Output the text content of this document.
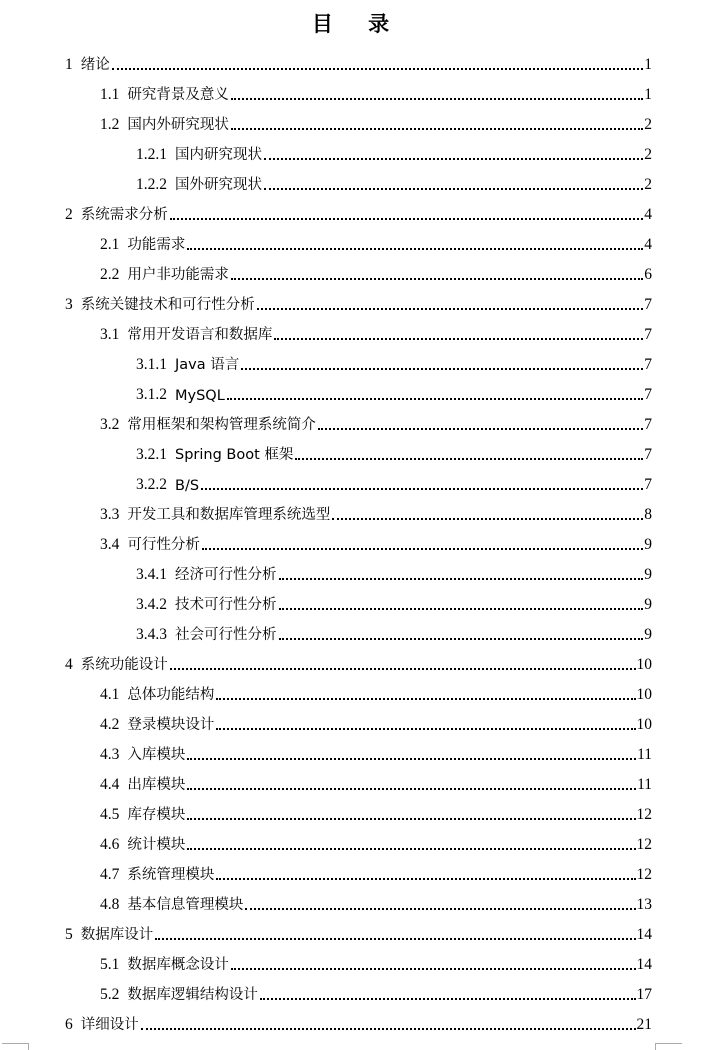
目 录
1 绪论	1
1.1 研究背景及意义	1
1.2 国内外研究现状	2
1.2.1 国内研究现状	2
1.2.2 国外研究现状	2
2 系统需求分析	4
2.1 功能需求	4
2.2 用户非功能需求	6
3 系统关键技术和可行性分析	7
3.1 常用开发语言和数据库	7
3.1.1 Java 语言	7
3.1.2 MySQL	7
3.2 常用框架和架构管理系统简介	7
3.2.1 Spring Boot 框架	7
3.2.2 B/S	7
3.3 开发工具和数据库管理系统选型	8
3.4 可行性分析	9
3.4.1 经济可行性分析	9
3.4.2 技术可行性分析	9
3.4.3 社会可行性分析	9
4 系统功能设计	10
4.1 总体功能结构	10
4.2 登录模块设计	10
4.3 入库模块	11
4.4 出库模块	11
4.5 库存模块	12
4.6 统计模块	12
4.7 系统管理模块	12
4.8 基本信息管理模块	13
5 数据库设计	14
5.1 数据库概念设计	14
5.2 数据库逻辑结构设计	17
6 详细设计	21
